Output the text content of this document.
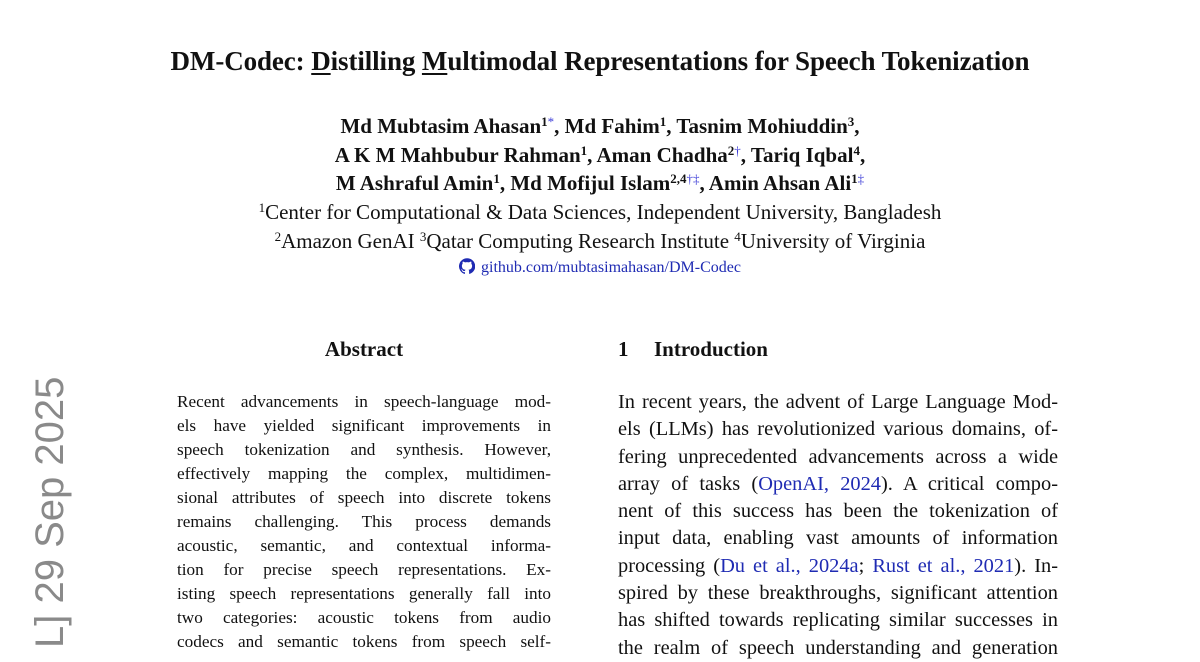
DM-Codec: Distilling Multimodal Representations for Speech Tokenization
Md Mubtasim Ahasan$^{1*}$, Md Fahim$^1$, Tasnim Mohiuddin$^3$,
A K M Mahbubur Rahman$^1$, Aman Chadha$^{2\dagger}$, Tariq Iqbal$^4$,
M Ashraful Amin$^1$, Md Mofijul Islam$^{2,4\dagger\ddagger}$, Amin Ahsan Ali$^{1\ddagger}$
$^1$Center for Computational & Data Sciences, Independent University, Bangladesh
$^2$Amazon GenAI $^3$Qatar Computing Research Institute $^4$University of Virginia
github.com/mubtasimahasan/DM-Codec
L] 29 Sep 2025
Abstract
Recent advancements in speech-language mod-
els have yielded significant improvements in
speech tokenization and synthesis. However,
effectively mapping the complex, multidimen-
sional attributes of speech into discrete tokens
remains challenging. This process demands
acoustic, semantic, and contextual informa-
tion for precise speech representations. Ex-
isting speech representations generally fall into
two categories: acoustic tokens from audio
codecs and semantic tokens from speech self-
1 Introduction
In recent years, the advent of Large Language Mod-
els (LLMs) has revolutionized various domains, of-
fering unprecedented advancements across a wide
array of tasks (OpenAI, 2024). A critical compo-
nent of this success has been the tokenization of
input data, enabling vast amounts of information
processing (Du et al., 2024a; Rust et al., 2021). In-
spired by these breakthroughs, significant attention
has shifted towards replicating similar successes in
the realm of speech understanding and generation
